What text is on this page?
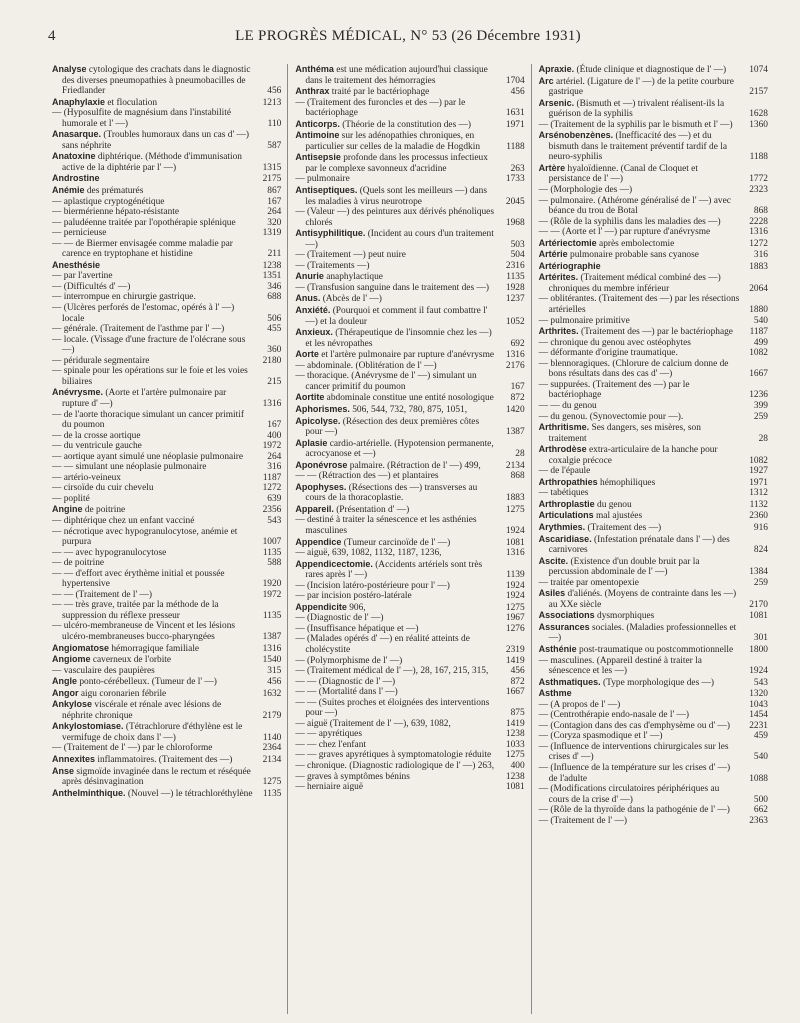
4	LE PROGRÈS MÉDICAL, N° 53 (26 Décembre 1931)
Analyse cytologique des crachats dans le diagnostic des diverses pneumopathies à pneumobacilles de Friedlander	456
Anaphylaxie et floculation	1213
— (Hyposulfite de magnésium dans l'instabilité humorale et l' —)	110
Anasarque. (Troubles humoraux dans un cas d' —) sans néphrite	587
Anatoxine diphtérique. (Méthode d'immunisation active de la diphtérie par l' —)	1315
Androstine	2175
Anémie des prématurés	867
— aplastique cryptogénétique	167
— biermérienne hépato-résistante	264
— paludéenne traitée par l'opothérapie splénique	320
— pernicieuse	1319
— — de Biermer envisagée comme maladie par carence en tryptophane et histidine	211
Anesthésie	1238
— par l'avertine	1351
— (Difficultés d' —)	346
— interrompue en chirurgie gastrique.	688
— (Ulcères perforés de l'estomac, opérés à l' —) locale	506
— générale. (Traitement de l'asthme par l' —)	455
— locale. (Vissage d'une fracture de l'olécrane sous —)	360
— péridurale segmentaire	2180
— spinale pour les opérations sur le foie et les voies biliaires	215
Anévrysme. (Aorte et l'artère pulmonaire par rupture d' —)	1316
— de l'aorte thoracique simulant un cancer primitif du poumon	167
— de la crosse aortique	400
— du ventricule gauche	1972
— aortique ayant simulé une néoplasie pulmonaire	264
— — simulant une néoplasie pulmonaire	316
— artério-veineux	1187
— cirsoïde du cuir chevelu	1272
— poplité	639
Angine de poitrine	2356
— diphtérique chez un enfant vacciné	543
— nécrotique avec hypogranulocytose, anémie et purpura	1007
— — avec hypogranulocytose	1135
— de poitrine	588
— — d'effort avec érythème initial et poussée hypertensive	1920
— — (Traitement de l' —)	1972
— — très grave, traitée par la méthode de la suppression du réflexe presseur	1135
— ulcéro-membraneuse de Vincent et les lésions ulcéro-membraneuses bucco-pharyngées	1387
Angiomatose hémorragique familiale	1316
Angiome caverneux de l'orbite	1540
— vasculaire des paupières	315
Angle ponto-cérébelleux. (Tumeur de l' —)	456
Angor aigu coronarien fébrile	1632
Ankylose viscérale et rénale avec lésions de néphrite chronique	2179
Ankylostomiase. (Tétrachlorure d'éthylène est le vermifuge de choix dans l' —)	1140
— (Traitement de l' —) par le chloroforme	2364
Annexites inflammatoires. (Traitement des —)	2134
Anse sigmoïde invaginée dans le rectum et réséquée après désinvagination	1275
Anthelminthique. (Nouvel —) le tétrachloréthylène	1135
Anthéma est une médication aujourd'hui classique dans le traitement des hémorragies	1704
Anthrax traité par le bactériophage	456
— (Traitement des furoncles et des —) par le bactériophage	1631
Anticorps. (Théorie de la constitution des —)	1971
Antimoine sur les adénopathies chroniques, en particulier sur celles de la maladie de Hogdkin	1188
Antisepsie profonde dans les processus infectieux par le complexe savonneux d'acridine	263
— pulmonaire	1733
Antiseptiques. (Quels sont les meilleurs —) dans les maladies à virus neurotrope	2045
— (Valeur —) des peintures aux dérivés phénoliques chlorés	1968
Antisyphilitique. (Incident au cours d'un traitement —)	503
— (Traitement —) peut nuire	504
— (Traitements —)	2316
Anurie anaphylactique	1135
— (Transfusion sanguine dans le traitement des —)	1928
Anus. (Abcès de l' —)	1237
Anxiété. (Pourquoi et comment il faut combattre l' —) et la douleur	1052
Anxieux. (Thérapeutique de l'insomnie chez les —) et les névropathes	692
Aorte et l'artère pulmonaire par rupture d'anévrysme	1316
— abdominale. (Oblitération de l' —)	2176
— thoracique. (Anévrysme de l' —) simulant un cancer primitif du poumon	167
Aortite abdominale constitue une entité nosologique	872
Aphorismes. 506, 544, 732, 780, 875, 1051,	1420
Apicolyse. (Résection des deux premières côtes pour —)	1387
Aplasie cardio-artérielle. (Hypotension permanente, acrocyanose et —)	28
Aponévrose palmaire. (Rétraction de l' —) 499,	2134
— — (Rétraction des —) et plantaires	868
Apophyses. (Résections des —) transverses au cours de la thoracoplastie.	1883
Appareil. (Présentation d' —)	1275
— destiné à traiter la sénescence et les asthénies masculines	1924
Appendice (Tumeur carcinoïde de l' —)	1081
— aiguë, 639, 1082, 1132, 1187, 1236,	1316
Appendicectomie. (Accidents artériels sont très rares après l' —)	1139
— (Incision latéro-postérieure pour l' —)	1924
— par incision postéro-latérale	1924
Appendicite 906,	1275
— (Diagnostic de l' —)	1967
— (Insuffisance hépatique et —)	1276
— (Malades opérés d' —) en réalité atteints de cholécystite	2319
— (Polymorphisme de l' —)	1419
— (Traitement médical de l' —), 28, 167, 215, 315,	456
— — (Diagnostic de l' —)	872
— — (Mortalité dans l' —)	1667
— — (Suites proches et éloignées des interventions pour —)	875
— aiguë (Traitement de l' —), 639, 1082,	1419
— — apyrétiques	1238
— — chez l'enfant	1033
— — graves apyrétiques à symptomatologie réduite	1275
— chronique. (Diagnostic radiologique de l' —) 263,	400
— graves à symptômes bénins	1238
— herniaire aiguë	1081
Apraxie. (Étude clinique et diagnostique de l' —)	1074
Arc artériel. (Ligature de l' —) de la petite courbure gastrique	2157
Arsenic. (Bismuth et —) trivalent réalisent-ils la guérison de la syphilis	1628
— (Traitement de la syphilis par le bismuth et l' —)	1360
Arsénobenzènes. (Inefficacité des —) et du bismuth dans le traitement préventif tardif de la neuro-syphilis	1188
Artère hyaloïdienne. (Canal de Cloquet et persistance de l' —)	1772
— (Morphologie des —)	2323
— pulmonaire. (Athérome généralisé de l' —) avec béance du trou de Botal	868
— (Rôle de la syphilis dans les maladies des —)	2228
— — (Aorte et l' —) par rupture d'anévrysme	1316
Artériectomie après embolectomie	1272
Artérie pulmonaire probable sans cyanose	316
Artériographie	1883
Artérites. (Traitement médical combiné des —) chroniques du membre inférieur	2064
— oblitérantes. (Traitement des —) par les résections artérielles	1880
— pulmonaire primitive	540
Arthrites. (Traitement des —) par le bactériophage	1187
— chronique du genou avec ostéophytes	499
— déformante d'origine traumatique.	1082
— blennoragiques. (Chlorure de calcium donne de bons résultats dans des cas d' —)	1667
— suppurées. (Traitement des —) par le bactériophage	1236
— — du genou	399
— du genou. (Synovectomie pour —).	259
Arthritisme. Ses dangers, ses misères, son traitement	28
Arthrodèse extra-articulaire de la hanche pour coxalgie précoce	1082
— de l'épaule	1927
Arthropathies hémophiliques	1971
— tabétiques	1312
Arthroplastie du genou	1132
Articulations mal ajustées	2360
Arythmies. (Traitement des —)	916
Ascaridiase. (Infestation prénatale dans l' —) des carnivores	824
Ascite. (Existence d'un double bruit par la percussion abdominale de l' —)	1384
— traitée par omentopexie	259
Asiles d'aliénés. (Moyens de contrainte dans les —) au XXe siècle	2170
Associations dysmorphiques	1081
Assurances sociales. (Maladies professionnelles et —)	301
Asthénie post-traumatique ou postcommotionnelle	1800
— masculines. (Appareil destiné à traiter la sénescence et les —)	1924
Asthmatiques. (Type morphologique des —)	543
Asthme	1320
— (A propos de l' —)	1043
— (Centrothérapie endo-nasale de l' —)	1454
— (Contagion dans des cas d'emphysème ou d' —)	2231
— (Coryza spasmodique et l' —)	459
— (Influence de interventions chirurgicales sur les crises d' —)	540
— (Influence de la température sur les crises d' —) de l'adulte	1088
— (Modifications circulatoires périphériques au cours de la crise d' —)	500
— (Rôle de la thyroïde dans la pathogénie de l' —)	662
— (Traitement de l' —)	2363
